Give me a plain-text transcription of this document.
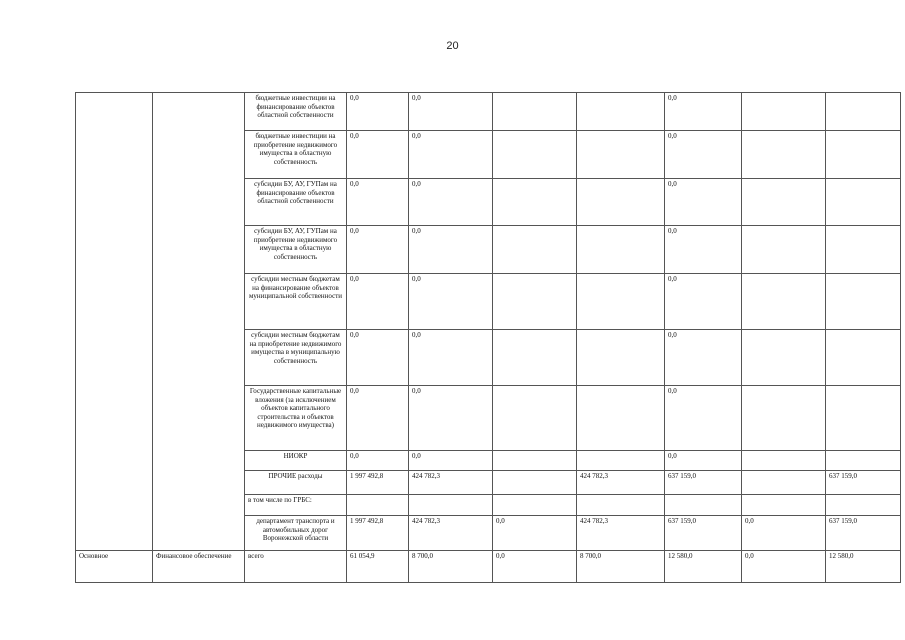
20
		бюджетные инвестиции на финансирование объектов областной собственности	0,0	0,0			0,0		
		бюджетные инвестиции на приобретение недвижимого имущества в областную собственность	0,0	0,0			0,0		
		субсидии БУ, АУ, ГУПам на финансирование объектов областной собственности	0,0	0,0			0,0		
		субсидии БУ, АУ, ГУПам на приобретение недвижимого имущества в областную собственность	0,0	0,0			0,0		
		субсидии местным бюджетам на финансирование объектов муниципальной собственности	0,0	0,0			0,0		
		субсидии местным бюджетам на приобретение недвижимого имущества в муниципальную собственность	0,0	0,0			0,0		
		Государственные капитальные вложения (за исключением объектов капитального строительства и объектов недвижимого имущества)	0,0	0,0			0,0		
		НИОКР	0,0	0,0			0,0		
		ПРОЧИЕ расходы	1 997 492,8	424 782,3		424 782,3	637 159,0		637 159,0
		в том числе по ГРБС:							
		департамент транспорта и автомобильных дорог Воронежской области	1 997 492,8	424 782,3	0,0	424 782,3	637 159,0	0,0	637 159,0
Основное	Финансовое обеспечение	всего	61 054,9	8 700,0	0,0	8 700,0	12 580,0	0,0	12 580,0
